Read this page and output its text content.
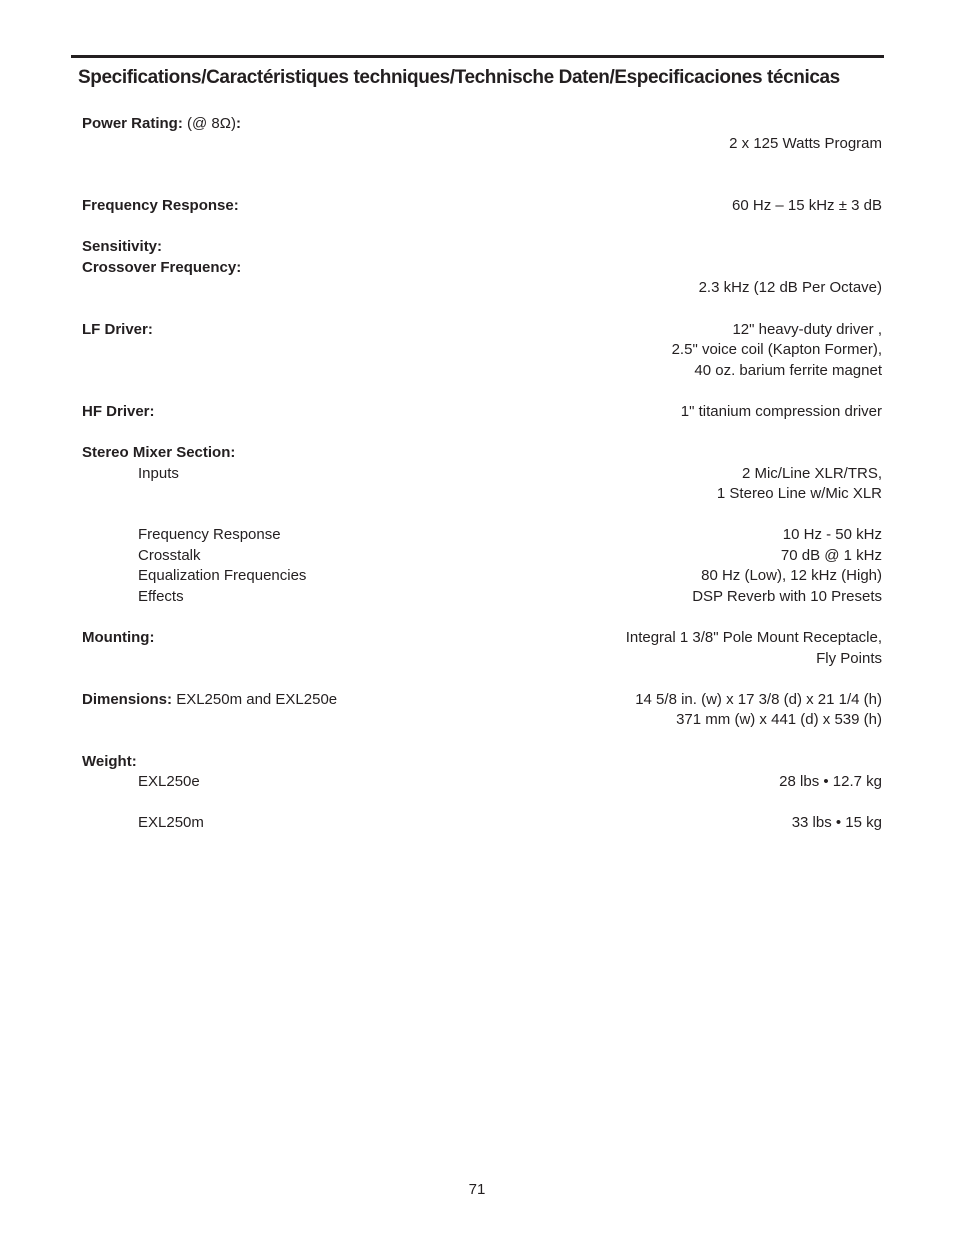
Specifications/Caractéristiques techniques/Technische Daten/Especificaciones técnicas
Power Rating: (@ 8Ω):
2 x 125 Watts Program
Frequency Response:	60 Hz – 15 kHz ± 3 dB
Sensitivity:
Crossover Frequency:
2.3 kHz (12 dB Per Octave)
LF Driver:	12" heavy-duty driver ,
2.5" voice coil (Kapton Former),
40 oz. barium ferrite magnet
HF Driver:	1" titanium compression driver
Stereo Mixer Section:
Inputs	2 Mic/Line XLR/TRS,
1 Stereo Line w/Mic XLR
Frequency Response	10 Hz - 50 kHz
Crosstalk	70 dB @ 1 kHz
Equalization Frequencies	80 Hz (Low), 12 kHz (High)
Effects	DSP Reverb with 10 Presets
Mounting:	Integral 1 3/8" Pole Mount Receptacle,
Fly Points
Dimensions: EXL250m and EXL250e	14 5/8 in. (w) x 17 3/8 (d) x 21 1/4 (h)
371 mm (w) x 441 (d) x 539 (h)
Weight:
EXL250e	28 lbs • 12.7 kg
EXL250m	33 lbs • 15 kg
71
